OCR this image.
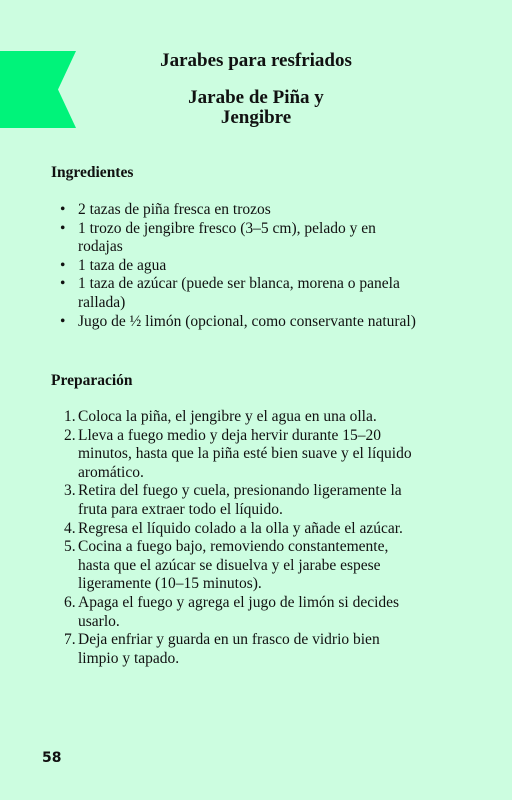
Jarabes para resfriados
Jarabe de Piña y
Jengibre
Ingredientes
• 2 tazas de piña fresca en trozos
• 1 trozo de jengibre fresco (3–5 cm), pelado y en rodajas
• 1 taza de agua
• 1 taza de azúcar (puede ser blanca, morena o panela rallada)
• Jugo de ½ limón (opcional, como conservante natural)
Preparación
1. Coloca la piña, el jengibre y el agua en una olla.
2. Lleva a fuego medio y deja hervir durante 15–20 minutos, hasta que la piña esté bien suave y el líquido aromático.
3. Retira del fuego y cuela, presionando ligeramente la fruta para extraer todo el líquido.
4. Regresa el líquido colado a la olla y añade el azúcar.
5. Cocina a fuego bajo, removiendo constantemente, hasta que el azúcar se disuelva y el jarabe espese ligeramente (10–15 minutos).
6. Apaga el fuego y agrega el jugo de limón si decides usarlo.
7. Deja enfriar y guarda en un frasco de vidrio bien limpio y tapado.
58
